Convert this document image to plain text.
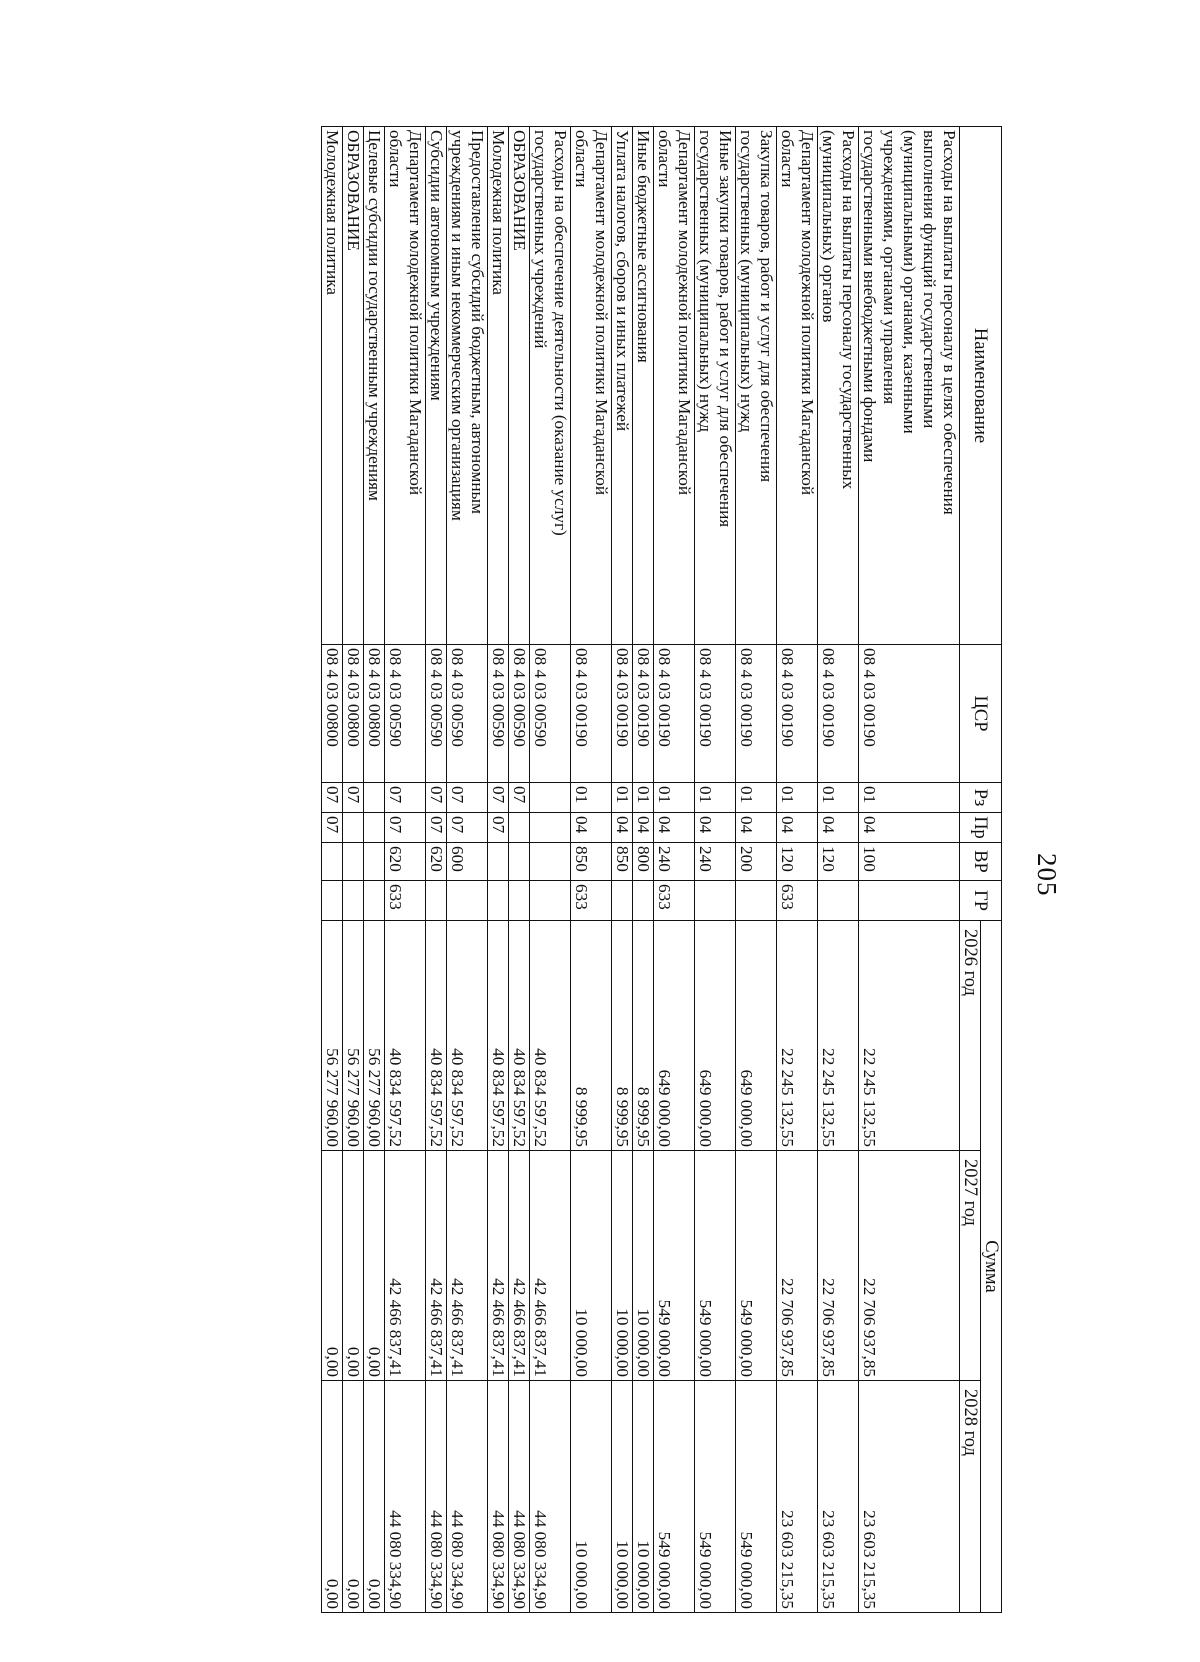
205
Наименование	ЦСР	Рз	Пр	ВР	ГР	Сумма		
						2026 год	2027 год	2028 год

Расходы на выплаты персоналу в целях обеспечения
выполнения функций государственными
(муниципальными) органами, казенными
учреждениями, органами управления
государственными внебюджетными фондами	08 4 03 00190	01	04	100		22 245 132,55	22 706 937,85	23 603 215,35

Расходы на выплаты персоналу государственных
(муниципальных) органов	08 4 03 00190	01	04	120		22 245 132,55	22 706 937,85	23 603 215,35

Департамент молодежной политики Магаданской
области	08 4 03 00190	01	04	120	633	22 245 132,55	22 706 937,85	23 603 215,35

Закупка товаров, работ и услуг для обеспечения
государственных (муниципальных) нужд	08 4 03 00190	01	04	200		649 000,00	549 000,00	549 000,00

Иные закупки товаров, работ и услуг для обеспечения
государственных (муниципальных) нужд	08 4 03 00190	01	04	240		649 000,00	549 000,00	549 000,00

Департамент молодежной политики Магаданской
области	08 4 03 00190	01	04	240	633	649 000,00	549 000,00	549 000,00

Иные бюджетные ассигнования	08 4 03 00190	01	04	800		8 999,95	10 000,00	10 000,00

Уплата налогов, сборов и иных платежей	08 4 03 00190	01	04	850		8 999,95	10 000,00	10 000,00

Департамент молодежной политики Магаданской
области	08 4 03 00190	01	04	850	633	8 999,95	10 000,00	10 000,00

Расходы на обеспечение деятельности (оказание услуг)
государственных учреждений	08 4 03 00590					40 834 597,52	42 466 837,41	44 080 334,90

ОБРАЗОВАНИЕ	08 4 03 00590	07				40 834 597,52	42 466 837,41	44 080 334,90

Молодежная политика	08 4 03 00590	07	07			40 834 597,52	42 466 837,41	44 080 334,90

Предоставление субсидий бюджетным, автономным
учреждениям и иным некоммерческим организациям	08 4 03 00590	07	07	600		40 834 597,52	42 466 837,41	44 080 334,90

Субсидии автономным учреждениям	08 4 03 00590	07	07	620		40 834 597,52	42 466 837,41	44 080 334,90

Департамент молодежной политики Магаданской
области	08 4 03 00590	07	07	620	633	40 834 597,52	42 466 837,41	44 080 334,90

Целевые субсидии государственным учреждениям	08 4 03 00800					56 277 960,00	0,00	0,00

ОБРАЗОВАНИЕ	08 4 03 00800	07				56 277 960,00	0,00	0,00

Молодежная политика	08 4 03 00800	07	07			56 277 960,00	0,00	0,00
